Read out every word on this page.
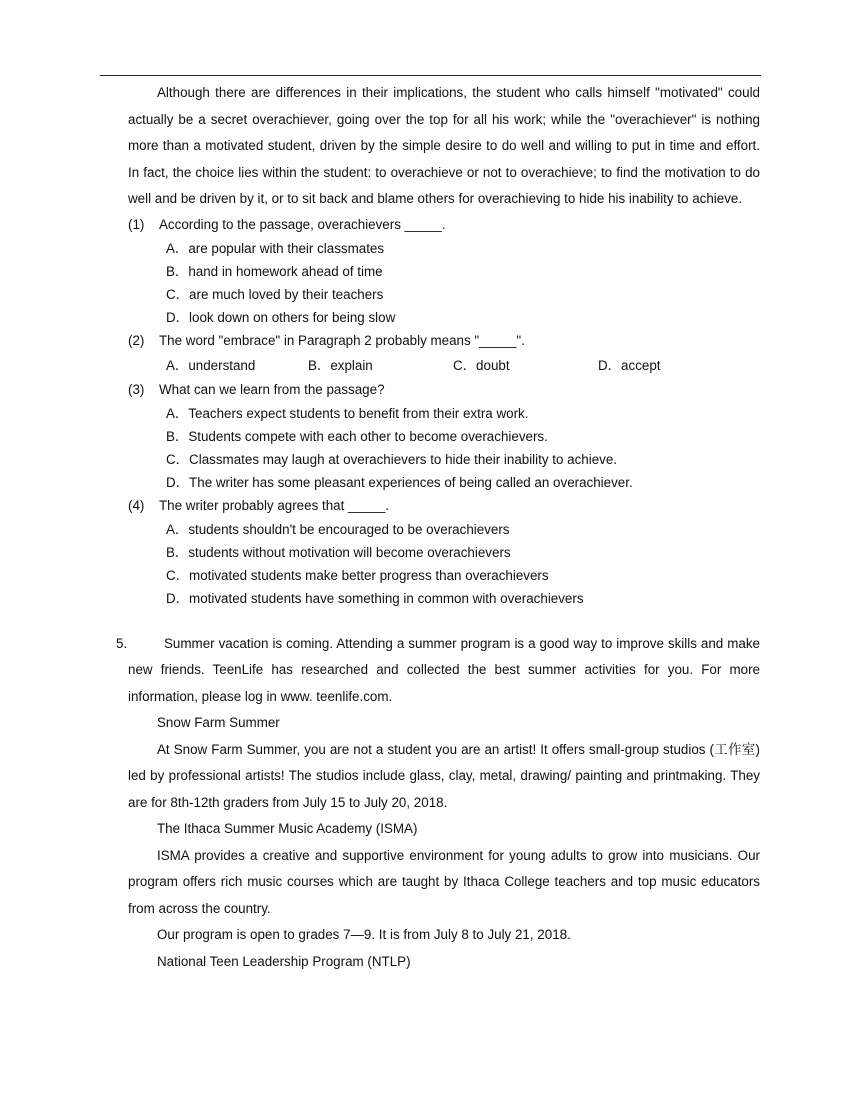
Although there are differences in their implications, the student who calls himself "motivated" could actually be a secret overachiever, going over the top for all his work; while the "overachiever" is nothing more than a motivated student, driven by the simple desire to do well and willing to put in time and effort. In fact, the choice lies within the student: to overachieve or not to overachieve; to find the motivation to do well and be driven by it, or to sit back and blame others for overachieving to hide his inability to achieve.

(1) According to the passage, overachievers _____.
A．are popular with their classmates
B．hand in homework ahead of time
C．are much loved by their teachers
D．look down on others for being slow
(2) The word "embrace" in Paragraph 2 probably means "_____".
A．understand	B．explain	C．doubt	D．accept
(3) What can we learn from the passage?
A．Teachers expect students to benefit from their extra work.
B．Students compete with each other to become overachievers.
C．Classmates may laugh at overachievers to hide their inability to achieve.
D．The writer has some pleasant experiences of being called an overachiever.
(4) The writer probably agrees that _____.
A．students shouldn't be encouraged to be overachievers
B．students without motivation will become overachievers
C．motivated students make better progress than overachievers
D．motivated students have something in common with overachievers

5.	Summer vacation is coming. Attending a summer program is a good way to improve skills and make new friends. TeenLife has researched and collected the best summer activities for you. For more information, please log in www. teenlife.com.

Snow Farm Summer

At Snow Farm Summer, you are not a student you are an artist! It offers small-group studios (工作室) led by professional artists! The studios include glass, clay, metal, drawing/ painting and printmaking. They are for 8th-12th graders from July 15 to July 20, 2018.

The Ithaca Summer Music Academy (ISMA)

ISMA provides a creative and supportive environment for young adults to grow into musicians. Our program offers rich music courses which are taught by Ithaca College teachers and top music educators from across the country.

Our program is open to grades 7—9. It is from July 8 to July 21, 2018.

National Teen Leadership Program (NTLP)
